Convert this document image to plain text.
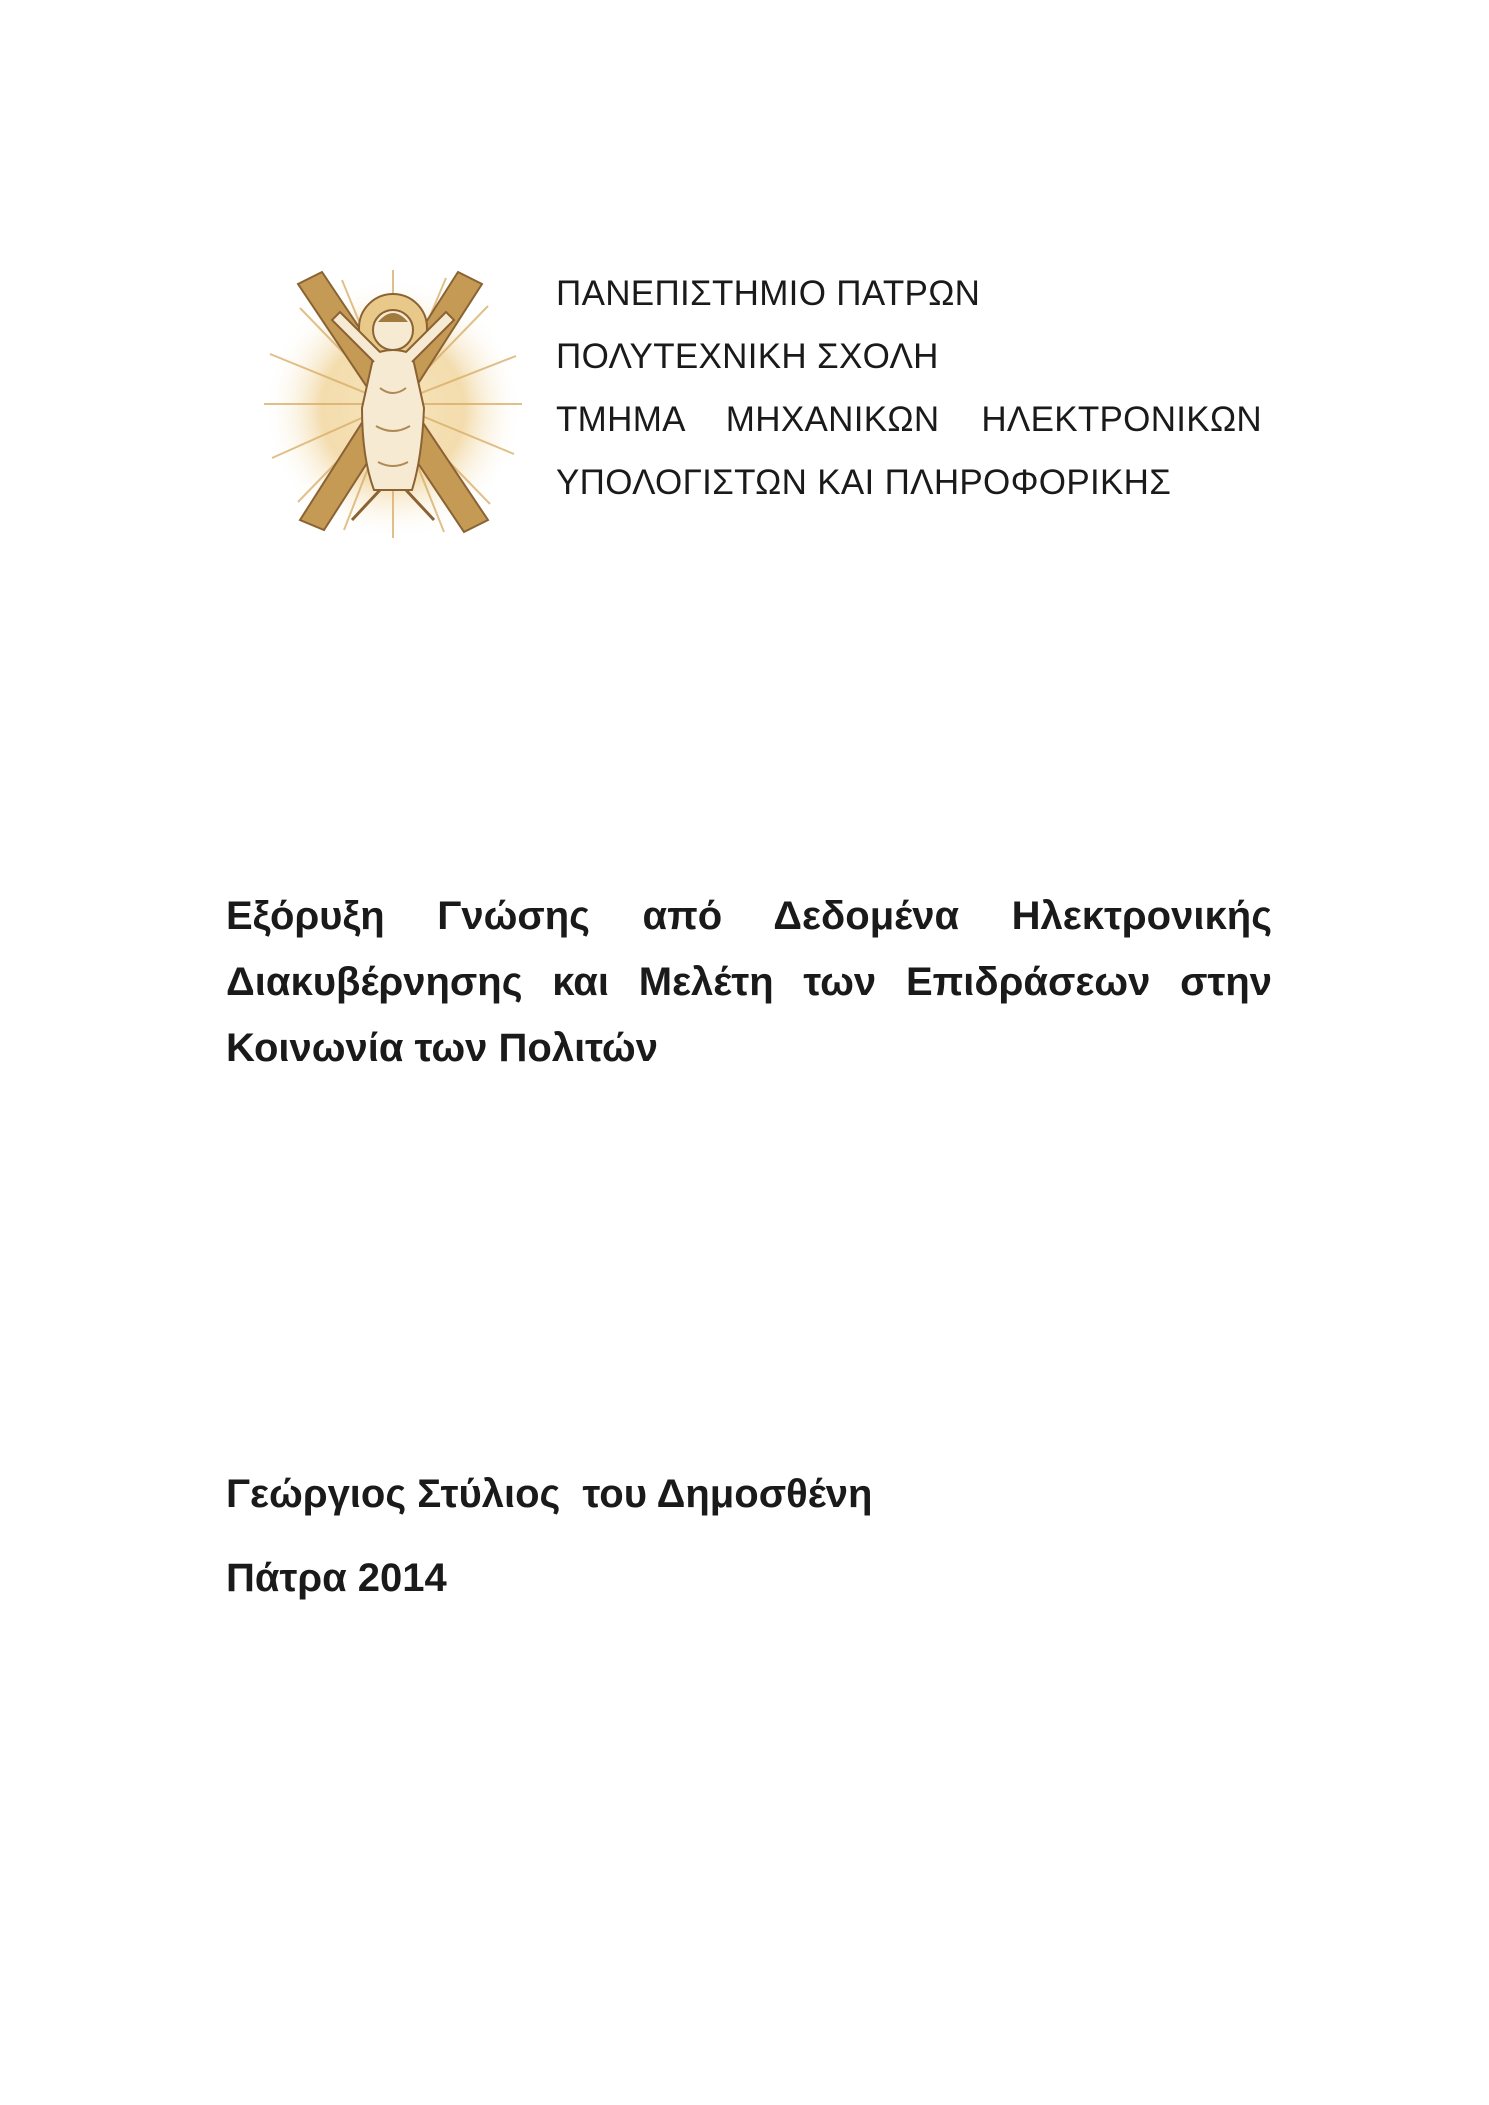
ΠΑΝΕΠΙΣΤΗΜΙΟ ΠΑΤΡΩΝ
ΠΟΛΥΤΕΧΝΙΚΗ ΣΧΟΛΗ
ΤΜΗΜΑ ΜΗΧΑΝΙΚΩΝ ΗΛΕΚΤΡΟΝΙΚΩΝ
ΥΠΟΛΟΓΙΣΤΩΝ ΚΑΙ ΠΛΗΡΟΦΟΡΙΚΗΣ
Εξόρυξη Γνώσης από Δεδομένα Ηλεκτρονικής
Διακυβέρνησης και Μελέτη των Επιδράσεων στην
Κοινωνία των Πολιτών
Γεώργιος Στύλιος  του Δημοσθένη
Πάτρα 2014
